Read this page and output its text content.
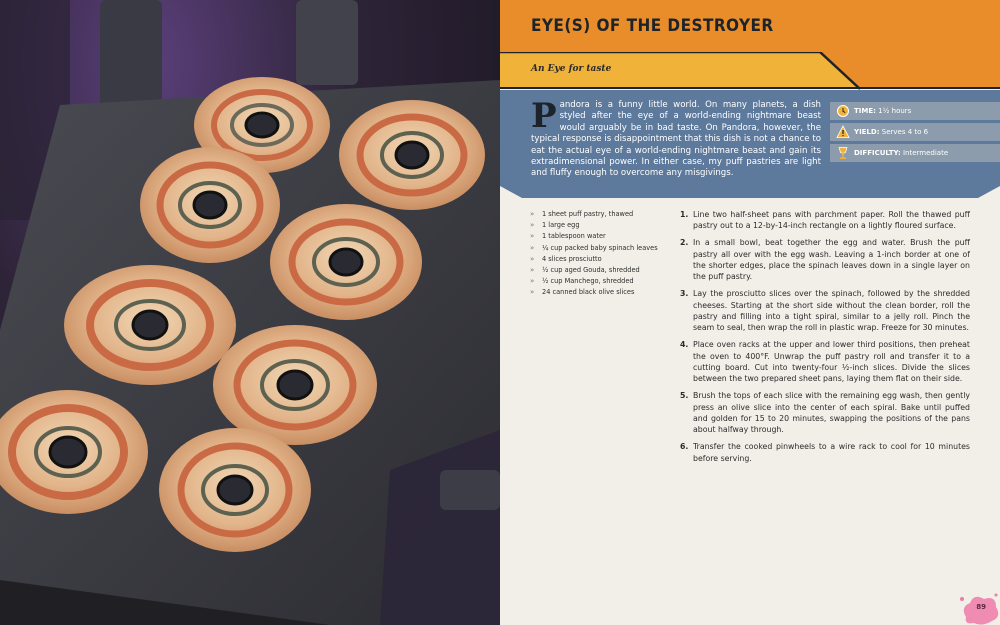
EYE(S) OF THE DESTROYER

An Eye for taste

Pandora is a funny little world. On many planets, a dish styled after the eye of a world-ending nightmare beast would arguably be in bad taste. On Pandora, however, the typical response is disappointment that this dish is not a chance to eat the actual eye of a world-ending nightmare beast and gain its extradimensional power. In either case, my puff pastries are light and fluffy enough to overcome any misgivings.

TIME: 1½ hours
YIELD: Serves 4 to 6
DIFFICULTY: Intermediate
» 1 sheet puff pastry, thawed
» 1 large egg
» 1 tablespoon water
» ¼ cup packed baby spinach leaves
» 4 slices prosciutto
» ½ cup aged Gouda, shredded
» ½ cup Manchego, shredded
» 24 canned black olive slices
1. Line two half-sheet pans with parchment paper. Roll the thawed puff pastry out to a 12-by-14-inch rectangle on a lightly floured surface.
2. In a small bowl, beat together the egg and water. Brush the puff pastry all over with the egg wash. Leaving a 1-inch border at one of the shorter edges, place the spinach leaves down in a single layer on the puff pastry.
3. Lay the prosciutto slices over the spinach, followed by the shredded cheeses. Starting at the short side without the clean border, roll the pastry and filling into a tight spiral, similar to a jelly roll. Pinch the seam to seal, then wrap the roll in plastic wrap. Freeze for 30 minutes.
4. Place oven racks at the upper and lower third positions, then preheat the oven to 400°F. Unwrap the puff pastry roll and transfer it to a cutting board. Cut into twenty-four ½-inch slices. Divide the slices between the two prepared sheet pans, laying them flat on their side.
5. Brush the tops of each slice with the remaining egg wash, then gently press an olive slice into the center of each spiral. Bake until puffed and golden for 15 to 20 minutes, swapping the positions of the pans about halfway through.
6. Transfer the cooked pinwheels to a wire rack to cool for 10 minutes before serving.
89
